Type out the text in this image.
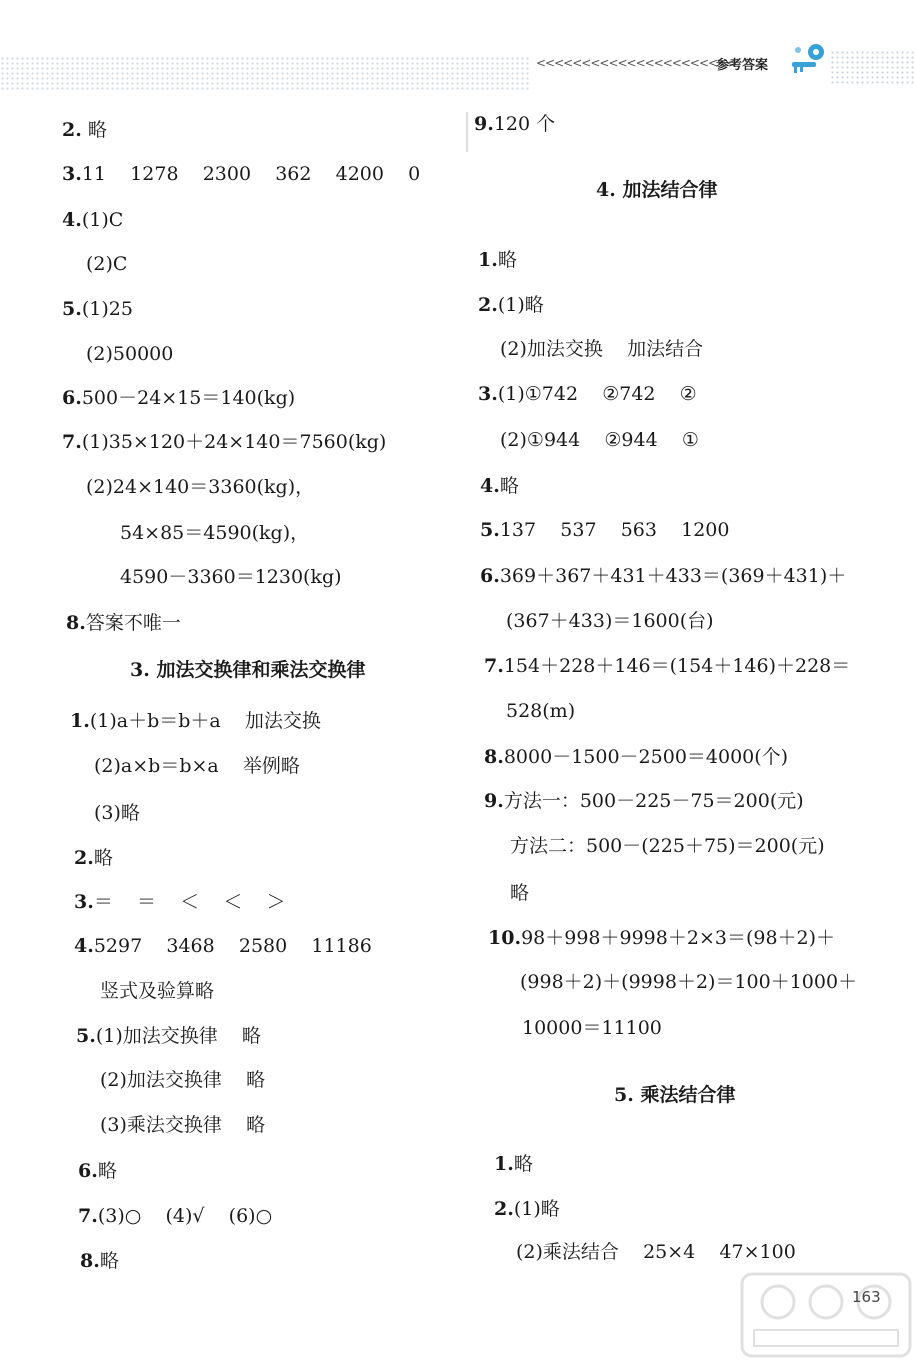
<<<<<<<<<<<<<<<<<<<<<<
参考答案
2. 略
3.11    1278    2300    362    4200    0
4.(1)C
(2)C
5.(1)25
(2)50000
6.500－24×15＝140(kg)
7.(1)35×120＋24×140＝7560(kg)
(2)24×140＝3360(kg)，
54×85＝4590(kg)，
4590－3360＝1230(kg)
8.答案不唯一
3. 加法交换律和乘法交换律
1.(1)a＋b＝b＋a    加法交换
(2)a×b＝b×a    举例略
(3)略
2.略
3.＝    ＝    ＜    ＜    ＞
4.5297    3468    2580    11186
竖式及验算略
5.(1)加法交换律    略
(2)加法交换律    略
(3)乘法交换律    略
6.略
7.(3)○    (4)√    (6)○
8.略
9.120 个
4. 加法结合律
1.略
2.(1)略
(2)加法交换    加法结合
3.(1)①742    ②742    ②
(2)①944    ②944    ①
4.略
5.137    537    563    1200
6.369＋367＋431＋433＝(369＋431)＋
(367＋433)＝1600(台)
7.154＋228＋146＝(154＋146)＋228＝
528(m)
8.8000－1500－2500＝4000(个)
9.方法一：500－225－75＝200(元)
方法二：500－(225＋75)＝200(元)
略
10.98＋998＋9998＋2×3＝(98＋2)＋
(998＋2)＋(9998＋2)＝100＋1000＋
10000＝11100
5. 乘法结合律
1.略
2.(1)略
(2)乘法结合    25×4    47×100
163
